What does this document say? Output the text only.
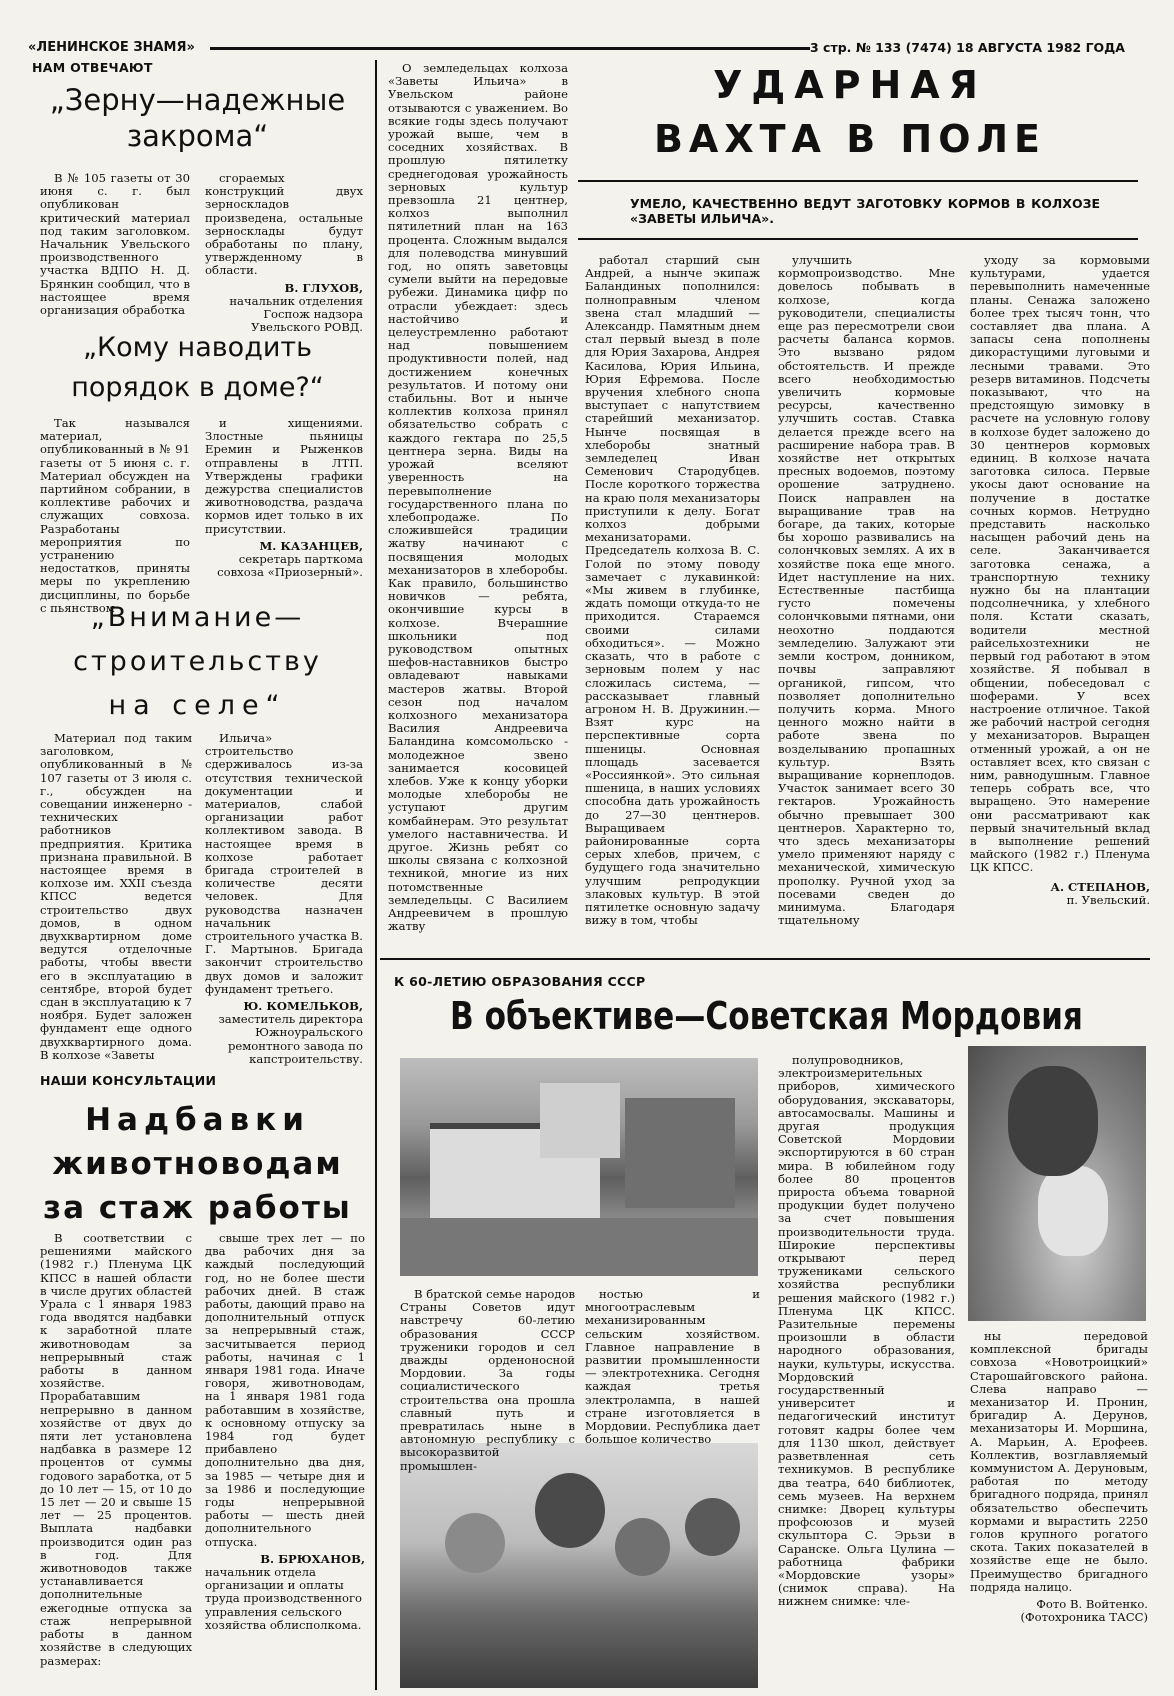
«ЛЕНИНСКОЕ ЗНАМЯ»	3 стр. № 133 (7474) 18 АВГУСТА 1982 ГОДА
НАМ ОТВЕЧАЮТ
„Зерну—надежные
закрома“

В № 105 газеты от 30 июня с. г. был опубликован критический материал под таким заголовком. Начальник Увельского производственного участка ВДПО Н. Д. Брянкин сообщил, что в настоящее время организация обработка

сгораемых конструкций двух зерноскладов произведена, остальные зерносклады будут обработаны по плану, утвержденному в области.

В. ГЛУХОВ,
начальник отделения Госпож надзора Увельского РОВД.
„Кому наводить
порядок в доме?“

Так назывался материал, опубликованный в № 91 газеты от 5 июня с. г. Материал обсужден на партийном собрании, в коллективе рабочих и служащих совхоза. Разработаны мероприятия по устранению недостатков, приняты меры по укреплению дисциплины, по борьбе с пьянством

и хищениями. Злостные пьяницы Еремин и Рыженков отправлены в ЛТП. Утверждены графики дежурства специалистов животноводства, раздача кормов идет только в их присутствии.

М. КАЗАНЦЕВ,
секретарь парткома совхоза «Приозерный».
„Внимание—
строительству
на селе“

Материал под таким заголовком, опубликованный в № 107 газеты от 3 июля с. г., обсужден на совещании инженерно - технических работников предприятия. Критика признана правильной. В настоящее время в колхозе им. XXII съезда КПСС ведется строительство двух домов, в одном двухквартирном доме ведутся отделочные работы, чтобы ввести его в эксплуатацию в сентябре, второй будет сдан в эксплуатацию к 7 ноября. Будет заложен фундамент еще одного двухквартирного дома. В колхозе «Заветы

Ильича» строительство сдерживалось из-за отсутствия технической документации и материалов, слабой организации работ коллективом завода. В настоящее время в колхозе работает бригада строителей в количестве десяти человек. Для руководства назначен начальник строительного участка В. Г. Мартынов. Бригада закончит строительство двух домов и заложит фундамент третьего.

Ю. КОМЕЛЬКОВ,
заместитель директора Южноуральского ремонтного завода по капстроительству.
НАШИ КОНСУЛЬТАЦИИ
Надбавки
животноводам
за стаж работы

В соответствии с решениями майского (1982 г.) Пленума ЦК КПСС в нашей области в числе других областей Урала с 1 января 1983 года вводятся надбавки к заработной плате животноводам за непрерывный стаж работы в данном хозяйстве. Прорабатавшим непрерывно в данном хозяйстве от двух до пяти лет установлена надбавка в размере 12 процентов от суммы годового заработка, от 5 до 10 лет — 15, от 10 до 15 лет — 20 и свыше 15 лет — 25 процентов. Выплата надбавки производится один раз в год. Для животноводов также устанавливается дополнительные ежегодные отпуска за стаж непрерывной работы в данном хозяйстве в следующих размерах:

свыше трех лет — по два рабочих дня за каждый последующий год, но не более шести рабочих дней. В стаж работы, дающий право на дополнительный отпуск за непрерывный стаж, засчитывается период работы, начиная с 1 января 1981 года. Иначе говоря, животноводам, на 1 января 1981 года работавшим в хозяйстве, к основному отпуску за 1984 год будет прибавлено дополнительно два дня, за 1985 — четыре дня и за 1986 и последующие годы непрерывной работы — шесть дней дополнительного отпуска.

В. БРЮХАНОВ,
начальник отдела организации и оплаты труда производственного управления сельского хозяйства облисполкома.
УДАРНАЯ
ВАХТА В ПОЛЕ
УМЕЛО, КАЧЕСТВЕННО ВЕДУТ ЗАГОТОВКУ КОРМОВ В КОЛХОЗЕ «ЗАВЕТЫ ИЛЬИЧА».

О земледельцах колхоза «Заветы Ильича» в Увельском районе отзываются с уважением. Во всякие годы здесь получают урожай выше, чем в соседних хозяйствах. В прошлую пятилетку среднегодовая урожайность зерновых культур превзошла 21 центнер, колхоз выполнил пятилетний план на 163 процента. Сложным выдался для полеводства минувший год, но опять заветовцы сумели выйти на передовые рубежи. Динамика цифр по отрасли убеждает: здесь настойчиво и целеустремленно работают над повышением продуктивности полей, над достижением конечных результатов. И потому они стабильны. Вот и нынче коллектив колхоза принял обязательство собрать с каждого гектара по 25,5 центнера зерна. Виды на урожай вселяют уверенность на перевыполнение государственного плана по хлебопродаже. По сложившейся традиции жатву начинают с посвящения молодых механизаторов в хлеборобы. Как правило, большинство новичков — ребята, окончившие курсы в колхозе. Вчерашние школьники под руководством опытных шефов-наставников быстро овладевают навыками мастеров жатвы. Второй сезон под началом колхозного механизатора Василия Андреевича Баландина комсомольско - молодежное звено занимается косовицей хлебов. Уже к концу уборки молодые хлеборобы не уступают другим комбайнерам. Это результат умелого наставничества. И другое. Жизнь ребят со школы связана с колхозной техникой, многие из них потомственные земледельцы. С Василием Андреевичем в прошлую жатву

работал старший сын Андрей, а нынче экипаж Баландиных пополнился: полноправным членом звена стал младший — Александр. Памятным днем стал первый выезд в поле для Юрия Захарова, Андрея Касилова, Юрия Ильина, Юрия Ефремова. После вручения хлебного снопа выступает с напутствием старейший механизатор. Нынче посвящая в хлеборобы знатный земледелец Иван Семенович Стародубцев. После короткого торжества на краю поля механизаторы приступили к делу. Богат колхоз добрыми механизаторами. Председатель колхоза В. С. Голой по этому поводу замечает с лукавинкой: «Мы живем в глубинке, ждать помощи откуда-то не приходится. Стараемся своими силами обходиться». — Можно сказать, что в работе с зерновым полем у нас сложилась система, — рассказывает главный агроном Н. В. Дружинин.—Взят курс на перспективные сорта пшеницы. Основная площадь засевается «Россиянкой». Это сильная пшеница, в наших условиях способна дать урожайность до 27—30 центнеров. Выращиваем районированные сорта серых хлебов, причем, с будущего года значительно улучшим репродукции злаковых культур. В этой пятилетке основную задачу вижу в том, чтобы

улучшить кормопроизводство. Мне довелось побывать в колхозе, когда руководители, специалисты еще раз пересмотрели свои расчеты баланса кормов. Это вызвано рядом обстоятельств. И прежде всего необходимостью увеличить кормовые ресурсы, качественно улучшить состав. Ставка делается прежде всего на расширение набора трав. В хозяйстве нет открытых пресных водоемов, поэтому орошение затруднено. Поиск направлен на выращивание трав на богаре, да таких, которые бы хорошо развивались на солончковых землях. А их в хозяйстве пока еще много. Идет наступление на них. Естественные пастбища густо помечены солончковыми пятнами, они неохотно поддаются земледелию. Залужают эти земли костром, донником, почвы заправляют органикой, гипсом, что позволяет дополнительно получить корма. Много ценного можно найти в работе звена по возделыванию пропашных культур. Взять выращивание корнеплодов. Участок занимает всего 30 гектаров. Урожайность обычно превышает 300 центнеров. Характерно то, что здесь механизаторы умело применяют наряду с механической, химическую прополку. Ручной уход за посевами сведен до минимума. Благодаря тщательному

уходу за кормовыми культурами, удается перевыполнить намеченные планы. Сенажа заложено более трех тысяч тонн, что составляет два плана. А запасы сена пополнены дикорастущими луговыми и лесными травами. Это резерв витаминов. Подсчеты показывают, что на предстоящую зимовку в расчете на условную голову в колхозе будет заложено до 30 центнеров кормовых единиц. В колхозе начата заготовка силоса. Первые укосы дают основание на получение в достатке сочных кормов. Нетрудно представить насколько насыщен рабочий день на селе. Заканчивается заготовка сенажа, а транспортную технику нужно бы на плантации подсолнечника, у хлебного поля. Кстати сказать, водители местной райсельхозтехники не первый год работают в этом хозяйстве. Я побывал в общении, побеседовал с шоферами. У всех настроение отличное. Такой же рабочий настрой сегодня у механизаторов. Выращен отменный урожай, а он не оставляет всех, кто связан с ним, равнодушным. Главное теперь собрать все, что выращено. Это намерение они рассматривают как первый значительный вклад в выполнение решений майского (1982 г.) Пленума ЦК КПСС.

А. СТЕПАНОВ,
п. Увельский.
К 60-ЛЕТИЮ ОБРАЗОВАНИЯ СССР
В объективе—Советская Мордовия

В братской семье народов Страны Советов идут навстречу 60-летию образования СССР труженики городов и сел дважды орденоносной Мордовии. За годы социалистического строительства она прошла славный путь и превратилась ныне в автономную республику с высокоразвитой промышлен-

ностью и многоотраслевым механизированным сельским хозяйством. Главное направление в развитии промышленности — электротехника. Сегодня каждая третья электролампа, в нашей стране изготовляется в Мордовии. Республика дает большое количество

полупроводников, электроизмерительных приборов, химического оборудования, экскаваторы, автосамосвалы. Машины и другая продукция Советской Мордовии экспортируются в 60 стран мира. В юбилейном году более 80 процентов прироста объема товарной продукции будет получено за счет повышения производительности труда. Широкие перспективы открывают перед тружениками сельского хозяйства республики решения майского (1982 г.) Пленума ЦК КПСС. Разительные перемены произошли в области народного образования, науки, культуры, искусства. Мордовский государственный университет и педагогический институт готовят кадры более чем для 1130 школ, действует разветвленная сеть техникумов. В республике два театра, 640 библиотек, семь музеев. На верхнем снимке: Дворец культуры профсоюзов и музей скульптора С. Эрьзи в Саранске. Ольга Цулина — работница фабрики «Мордовские узоры» (снимок справа). На нижнем снимке: чле-

ны передовой комплексной бригады совхоза «Новотроицкий» Старошайговского района. Слева направо — механизатор И. Пронин, бригадир А. Дерунов, механизаторы И. Моршина, А. Марьин, А. Ерофеев. Коллектив, возглавляемый коммунистом А. Деруновым, работая по методу бригадного подряда, принял обязательство обеспечить кормами и вырастить 2250 голов крупного рогатого скота. Таких показателей в хозяйстве еще не было. Преимущество бригадного подряда налицо.

Фото В. Войтенко.
(Фотохроника ТАСС)
